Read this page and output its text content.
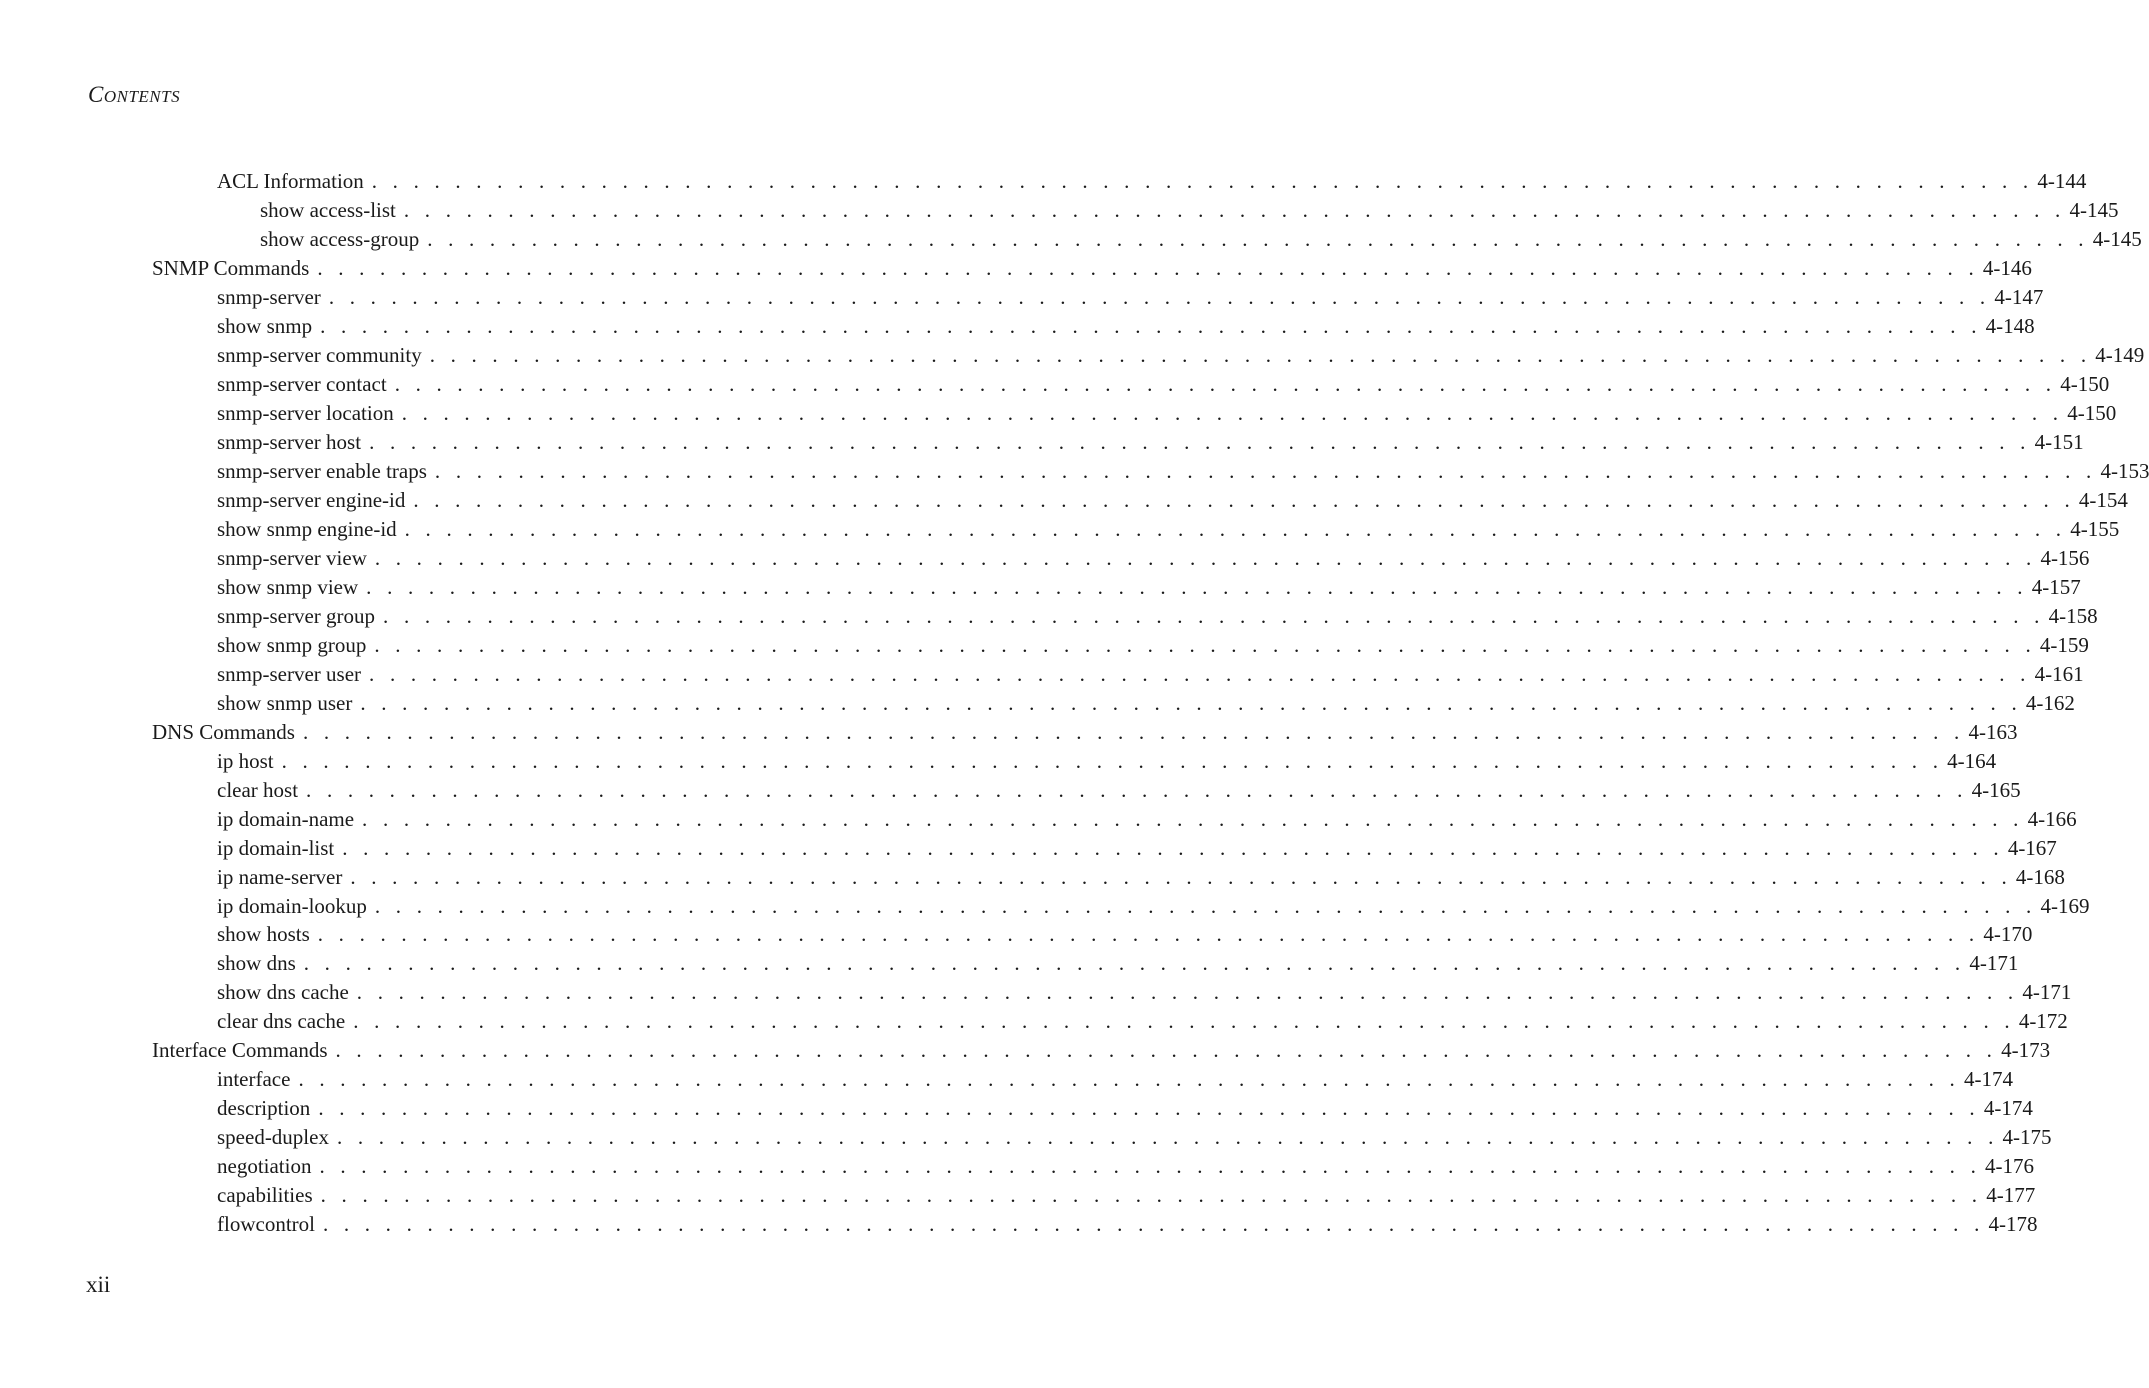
CONTENTS
ACL Information . . . . . . . . . . . . . . . . . . . . . . . . . . . . . . . . . . . . . . . . . . . . . . . . . . . . . . . . . . . . . . . . . . . . . . . . . . . . . . . . 4-144
show access-list . . . . . . . . . . . . . . . . . . . . . . . . . . . . . . . . . . . . . . . . . . . . . . . . . . . . . . . . . . . . . . . . . . . . . . . . . . . . . . . . 4-145
show access-group . . . . . . . . . . . . . . . . . . . . . . . . . . . . . . . . . . . . . . . . . . . . . . . . . . . . . . . . . . . . . . . . . . . . . . . . . . . . . . . . 4-145
SNMP Commands . . . . . . . . . . . . . . . . . . . . . . . . . . . . . . . . . . . . . . . . . . . . . . . . . . . . . . . . . . . . . . . . . . . . . . . . . . . . . . . . 4-146
snmp-server . . . . . . . . . . . . . . . . . . . . . . . . . . . . . . . . . . . . . . . . . . . . . . . . . . . . . . . . . . . . . . . . . . . . . . . . . . . . . . . . 4-147
show snmp . . . . . . . . . . . . . . . . . . . . . . . . . . . . . . . . . . . . . . . . . . . . . . . . . . . . . . . . . . . . . . . . . . . . . . . . . . . . . . . . 4-148
snmp-server community . . . . . . . . . . . . . . . . . . . . . . . . . . . . . . . . . . . . . . . . . . . . . . . . . . . . . . . . . . . . . . . . . . . . . . . . . . . . . . . . 4-149
snmp-server contact . . . . . . . . . . . . . . . . . . . . . . . . . . . . . . . . . . . . . . . . . . . . . . . . . . . . . . . . . . . . . . . . . . . . . . . . . . . . . . . . 4-150
snmp-server location . . . . . . . . . . . . . . . . . . . . . . . . . . . . . . . . . . . . . . . . . . . . . . . . . . . . . . . . . . . . . . . . . . . . . . . . . . . . . . . . 4-150
snmp-server host . . . . . . . . . . . . . . . . . . . . . . . . . . . . . . . . . . . . . . . . . . . . . . . . . . . . . . . . . . . . . . . . . . . . . . . . . . . . . . . . 4-151
snmp-server enable traps . . . . . . . . . . . . . . . . . . . . . . . . . . . . . . . . . . . . . . . . . . . . . . . . . . . . . . . . . . . . . . . . . . . . . . . . . . . . . . . . 4-153
snmp-server engine-id . . . . . . . . . . . . . . . . . . . . . . . . . . . . . . . . . . . . . . . . . . . . . . . . . . . . . . . . . . . . . . . . . . . . . . . . . . . . . . . . 4-154
show snmp engine-id . . . . . . . . . . . . . . . . . . . . . . . . . . . . . . . . . . . . . . . . . . . . . . . . . . . . . . . . . . . . . . . . . . . . . . . . . . . . . . . . 4-155
snmp-server view . . . . . . . . . . . . . . . . . . . . . . . . . . . . . . . . . . . . . . . . . . . . . . . . . . . . . . . . . . . . . . . . . . . . . . . . . . . . . . . . 4-156
show snmp view . . . . . . . . . . . . . . . . . . . . . . . . . . . . . . . . . . . . . . . . . . . . . . . . . . . . . . . . . . . . . . . . . . . . . . . . . . . . . . . . 4-157
snmp-server group . . . . . . . . . . . . . . . . . . . . . . . . . . . . . . . . . . . . . . . . . . . . . . . . . . . . . . . . . . . . . . . . . . . . . . . . . . . . . . . . 4-158
show snmp group . . . . . . . . . . . . . . . . . . . . . . . . . . . . . . . . . . . . . . . . . . . . . . . . . . . . . . . . . . . . . . . . . . . . . . . . . . . . . . . . 4-159
snmp-server user . . . . . . . . . . . . . . . . . . . . . . . . . . . . . . . . . . . . . . . . . . . . . . . . . . . . . . . . . . . . . . . . . . . . . . . . . . . . . . . . 4-161
show snmp user . . . . . . . . . . . . . . . . . . . . . . . . . . . . . . . . . . . . . . . . . . . . . . . . . . . . . . . . . . . . . . . . . . . . . . . . . . . . . . . . 4-162
DNS Commands . . . . . . . . . . . . . . . . . . . . . . . . . . . . . . . . . . . . . . . . . . . . . . . . . . . . . . . . . . . . . . . . . . . . . . . . . . . . . . . . 4-163
ip host . . . . . . . . . . . . . . . . . . . . . . . . . . . . . . . . . . . . . . . . . . . . . . . . . . . . . . . . . . . . . . . . . . . . . . . . . . . . . . . . 4-164
clear host . . . . . . . . . . . . . . . . . . . . . . . . . . . . . . . . . . . . . . . . . . . . . . . . . . . . . . . . . . . . . . . . . . . . . . . . . . . . . . . . 4-165
ip domain-name . . . . . . . . . . . . . . . . . . . . . . . . . . . . . . . . . . . . . . . . . . . . . . . . . . . . . . . . . . . . . . . . . . . . . . . . . . . . . . . . 4-166
ip domain-list . . . . . . . . . . . . . . . . . . . . . . . . . . . . . . . . . . . . . . . . . . . . . . . . . . . . . . . . . . . . . . . . . . . . . . . . . . . . . . . . 4-167
ip name-server . . . . . . . . . . . . . . . . . . . . . . . . . . . . . . . . . . . . . . . . . . . . . . . . . . . . . . . . . . . . . . . . . . . . . . . . . . . . . . . . 4-168
ip domain-lookup . . . . . . . . . . . . . . . . . . . . . . . . . . . . . . . . . . . . . . . . . . . . . . . . . . . . . . . . . . . . . . . . . . . . . . . . . . . . . . . . 4-169
show hosts . . . . . . . . . . . . . . . . . . . . . . . . . . . . . . . . . . . . . . . . . . . . . . . . . . . . . . . . . . . . . . . . . . . . . . . . . . . . . . . . 4-170
show dns . . . . . . . . . . . . . . . . . . . . . . . . . . . . . . . . . . . . . . . . . . . . . . . . . . . . . . . . . . . . . . . . . . . . . . . . . . . . . . . . 4-171
show dns cache . . . . . . . . . . . . . . . . . . . . . . . . . . . . . . . . . . . . . . . . . . . . . . . . . . . . . . . . . . . . . . . . . . . . . . . . . . . . . . . . 4-171
clear dns cache . . . . . . . . . . . . . . . . . . . . . . . . . . . . . . . . . . . . . . . . . . . . . . . . . . . . . . . . . . . . . . . . . . . . . . . . . . . . . . . . 4-172
Interface Commands . . . . . . . . . . . . . . . . . . . . . . . . . . . . . . . . . . . . . . . . . . . . . . . . . . . . . . . . . . . . . . . . . . . . . . . . . . . . . . . . 4-173
interface . . . . . . . . . . . . . . . . . . . . . . . . . . . . . . . . . . . . . . . . . . . . . . . . . . . . . . . . . . . . . . . . . . . . . . . . . . . . . . . . 4-174
description . . . . . . . . . . . . . . . . . . . . . . . . . . . . . . . . . . . . . . . . . . . . . . . . . . . . . . . . . . . . . . . . . . . . . . . . . . . . . . . . 4-174
speed-duplex . . . . . . . . . . . . . . . . . . . . . . . . . . . . . . . . . . . . . . . . . . . . . . . . . . . . . . . . . . . . . . . . . . . . . . . . . . . . . . . . 4-175
negotiation . . . . . . . . . . . . . . . . . . . . . . . . . . . . . . . . . . . . . . . . . . . . . . . . . . . . . . . . . . . . . . . . . . . . . . . . . . . . . . . . 4-176
capabilities . . . . . . . . . . . . . . . . . . . . . . . . . . . . . . . . . . . . . . . . . . . . . . . . . . . . . . . . . . . . . . . . . . . . . . . . . . . . . . . . 4-177
flowcontrol . . . . . . . . . . . . . . . . . . . . . . . . . . . . . . . . . . . . . . . . . . . . . . . . . . . . . . . . . . . . . . . . . . . . . . . . . . . . . . . . 4-178
xii
